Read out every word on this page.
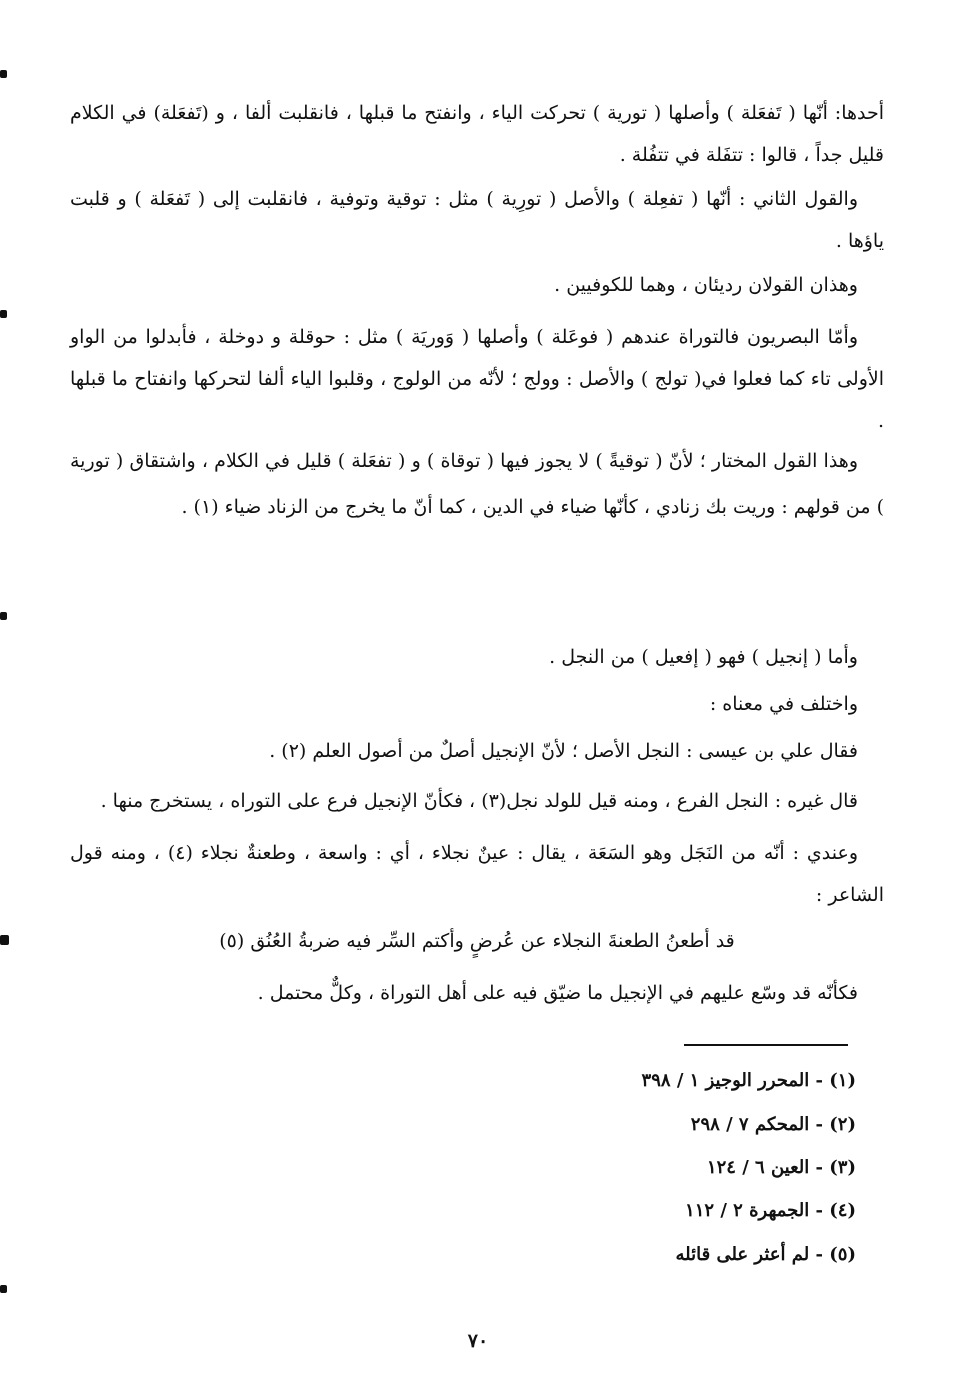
أحدها: أنّها ( تَفعَلة ) وأصلها ( تورية ) تحركت الياء ، وانفتح ما قبلها ، فانقلبت ألفا ، و (تَفعَلة) في الكلام قليل جداً ، قالوا : تتفَلة في تتفُلة .

والقول الثاني : أنّها ( تفعِلة ) والأصل ( تورِية ) مثل : توقية وتوفية ، فانقلبت إلى ( تَفعَلة ) و قلبت ياؤها .

وهذان القولان رديئان ، وهما للكوفيين .

وأمّا البصريون فالتوراة عندهم ( فوعَلة ) وأصلها ( وَوريَة ) مثل : حوقلة و دوخلة ، فأبدلوا من الواو الأولى تاء كما فعلوا في( تولج ) والأصل : وولج ؛ لأنّه من الولوج ، وقلبوا الياء ألفا لتحركها وانفتاح ما قبلها .

وهذا القول المختار ؛ لأنّ ( توقيةً ) لا يجوز فيها ( توقاة ) و ( تفعَلة ) قليل في الكلام ، واشتقاق ( تورية ) من قولهم : وريت بك زنادي ، كأنّها ضياء في الدين ، كما أنّ ما يخرج من الزناد ضياء (١) .

وأما ( إنجيل ) فهو ( إفعيل ) من النجل .

واختلف في معناه :

فقال علي بن عيسى : النجل الأصل ؛ لأنّ الإنجيل أصلٌ من أصول العلم (٢) .

قال غيره : النجل الفرع ، ومنه قيل للولد نجل(٣) ، فكأنّ الإنجيل فرع على التوراه ، يستخرج منها .

وعندي : أنّه من النَجَل وهو السَعَة ، يقال : عينٌ نجلاء ، أي : واسعة ، وطعنةٌ نجلاء (٤) ، ومنه قول الشاعر :

قد أطعنُ الطعنةَ النجلاء عن عُرضٍ وأكتم السِّر فيه ضربةُ العُنُق (٥)

فكأنّه قد وسّع عليهم في الإنجيل ما ضيّق فيه على أهل التوراة ، وكلٌّ محتمل .

(١) - المحرر الوجيز ١ / ٣٩٨
(٢) - المحكم ٧ / ٢٩٨
(٣) - العين ٦ / ١٢٤
(٤) - الجمهرة ٢ / ١١٢
(٥) - لم أعثر على قائله
٧٠
